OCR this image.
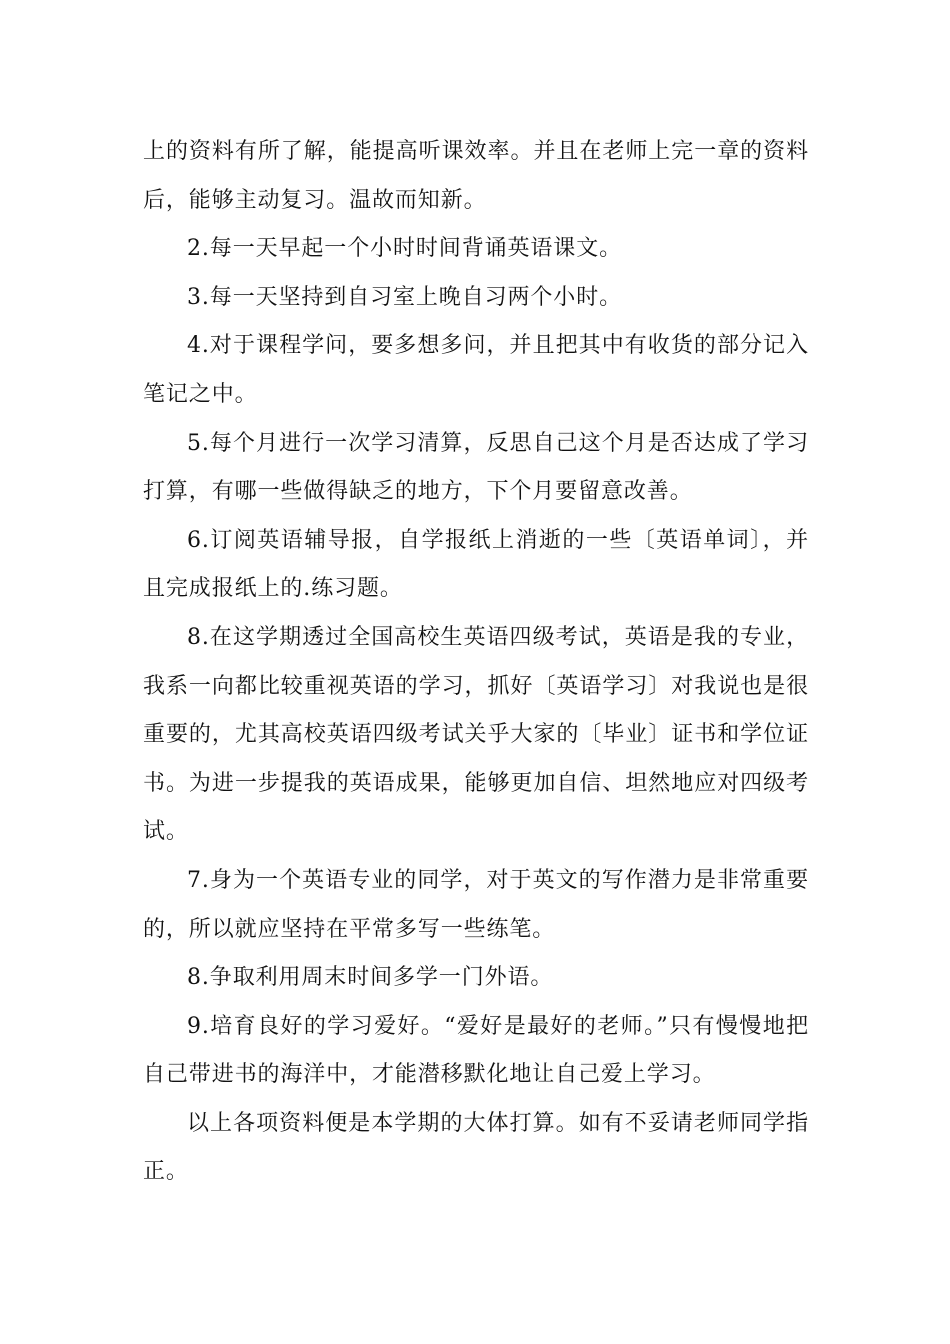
上的资料有所了解，能提高听课效率。并且在老师上完一章的资料后，能够主动复习。温故而知新。

2.每一天早起一个小时时间背诵英语课文。

3.每一天坚持到自习室上晚自习两个小时。

4.对于课程学问，要多想多问，并且把其中有收货的部分记入笔记之中。

5.每个月进行一次学习清算，反思自己这个月是否达成了学习打算，有哪一些做得缺乏的地方，下个月要留意改善。

6.订阅英语辅导报，自学报纸上消逝的一些〔英语单词〕，并且完成报纸上的.练习题。

8.在这学期透过全国高校生英语四级考试，英语是我的专业，我系一向都比较重视英语的学习，抓好〔英语学习〕对我说也是很重要的，尤其高校英语四级考试关乎大家的〔毕业〕证书和学位证书。为进一步提我的英语成果，能够更加自信、坦然地应对四级考试。

7.身为一个英语专业的同学，对于英文的写作潜力是非常重要的，所以就应坚持在平常多写一些练笔。

8.争取利用周末时间多学一门外语。

9.培育良好的学习爱好。“爱好是最好的老师。”只有慢慢地把自己带进书的海洋中，才能潜移默化地让自己爱上学习。

以上各项资料便是本学期的大体打算。如有不妥请老师同学指正。
